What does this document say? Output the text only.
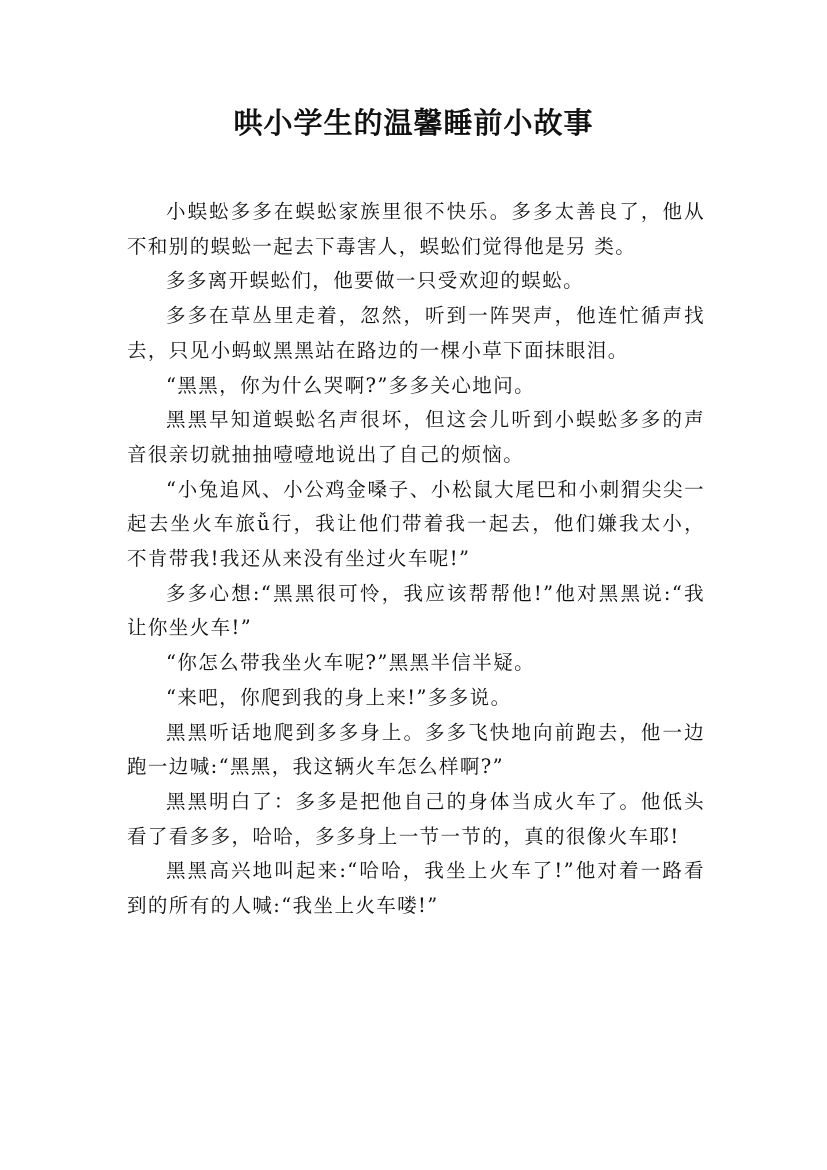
哄小学生的温馨睡前小故事

小蜈蚣多多在蜈蚣家族里很不快乐。多多太善良了，他从不和别的蜈蚣一起去下毒害人，蜈蚣们觉得他是另 类。

多多离开蜈蚣们，他要做一只受欢迎的蜈蚣。

多多在草丛里走着，忽然，听到一阵哭声，他连忙循声找去，只见小蚂蚁黑黑站在路边的一棵小草下面抹眼泪。

“黑黑，你为什么哭啊?”多多关心地问。

黑黑早知道蜈蚣名声很坏，但这会儿听到小蜈蚣多多的声音很亲切就抽抽噎噎地说出了自己的烦恼。

“小兔追风、小公鸡金嗓子、小松鼠大尾巴和小刺猬尖尖一起去坐火车旅ǚ行，我让他们带着我一起去，他们嫌我太小，不肯带我!我还从来没有坐过火车呢!”

多多心想:“黑黑很可怜，我应该帮帮他!”他对黑黑说:“我让你坐火车!”

“你怎么带我坐火车呢?”黑黑半信半疑。

“来吧，你爬到我的身上来!”多多说。

黑黑听话地爬到多多身上。多多飞快地向前跑去，他一边跑一边喊:“黑黑，我这辆火车怎么样啊?”

黑黑明白了：多多是把他自己的身体当成火车了。他低头看了看多多，哈哈，多多身上一节一节的，真的很像火车耶!

黑黑高兴地叫起来:“哈哈，我坐上火车了!”他对着一路看到的所有的人喊:“我坐上火车喽!”
